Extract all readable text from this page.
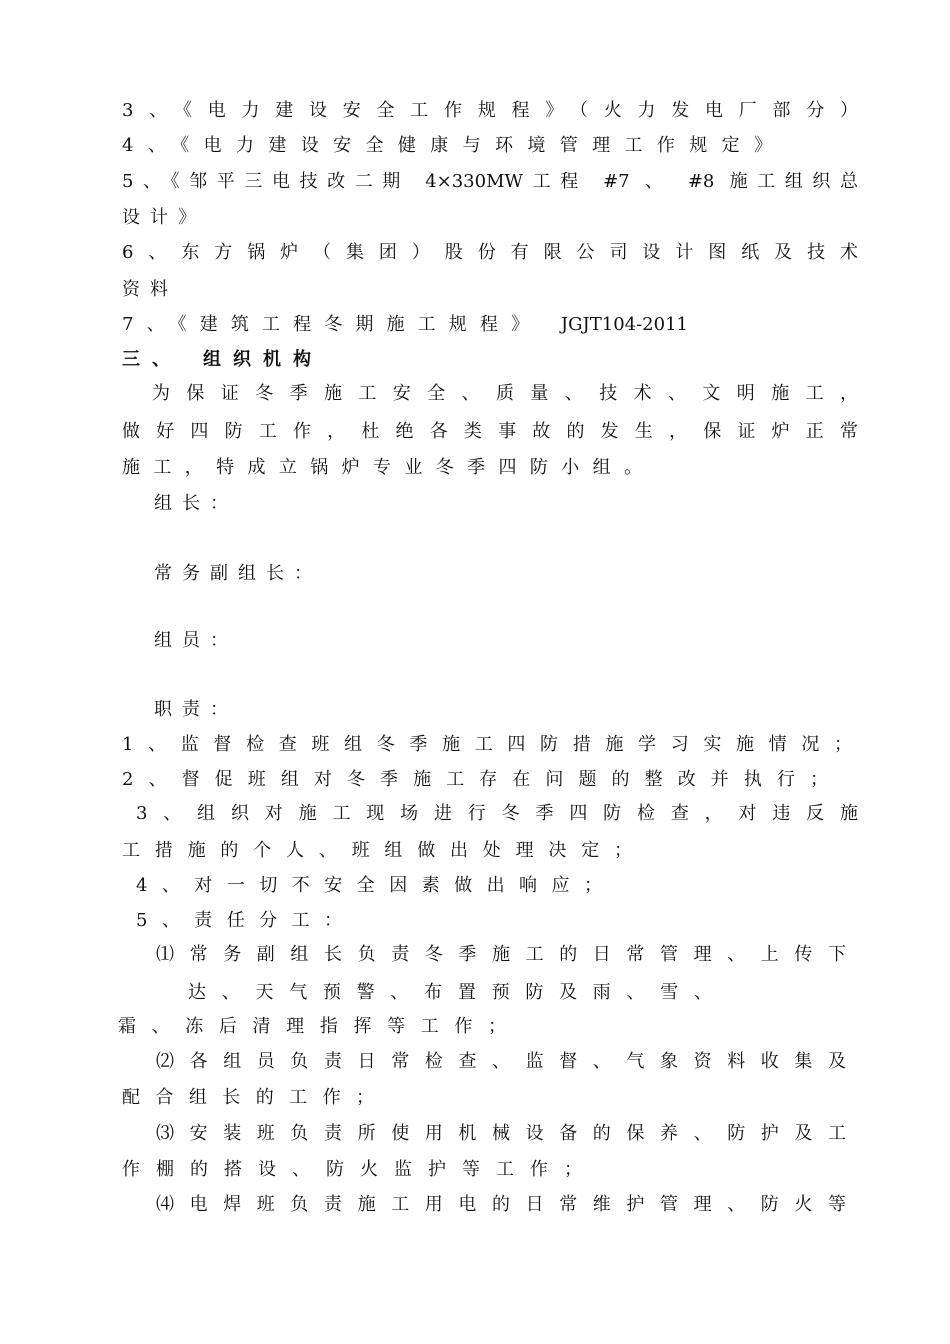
3、《电力建设安全工作规程》（火力发电厂部分）
4、《电力建设安全健康与环境管理工作规定》
5、《邹平三电技改二期 4×330MW工程 #7 、 #8 施工组织总
设计》
6、东方锅炉（集团）股份有限公司设计图纸及技术
资料
7、《建筑工程冬期施工规程》 JGJT104-2011
三、　组织机构
为保证冬季施工安全、质量、技术、文明施工，
做好四防工作，杜绝各类事故的发生，保证炉正常
施工，特成立锅炉专业冬季四防小组。
组长：
常务副组长：
组员：
职责：
1、监督检查班组冬季施工四防措施学习实施情况；
2、督促班组对冬季施工存在问题的整改并执行；
3、组织对施工现场进行冬季四防检查，对违反施
工措施的个人、班组做出处理决定；
4、对一切不安全因素做出响应；
5、责任分工：
⑴常务副组长负责冬季施工的日常管理、上传下
达、天气预警、布置预防及雨、雪、
霜、冻后清理指挥等工作；
⑵各组员负责日常检查、监督、气象资料收集及
配合组长的工作；
⑶安装班负责所使用机械设备的保养、防护及工
作棚的搭设、防火监护等工作；
⑷电焊班负责施工用电的日常维护管理、防火等
